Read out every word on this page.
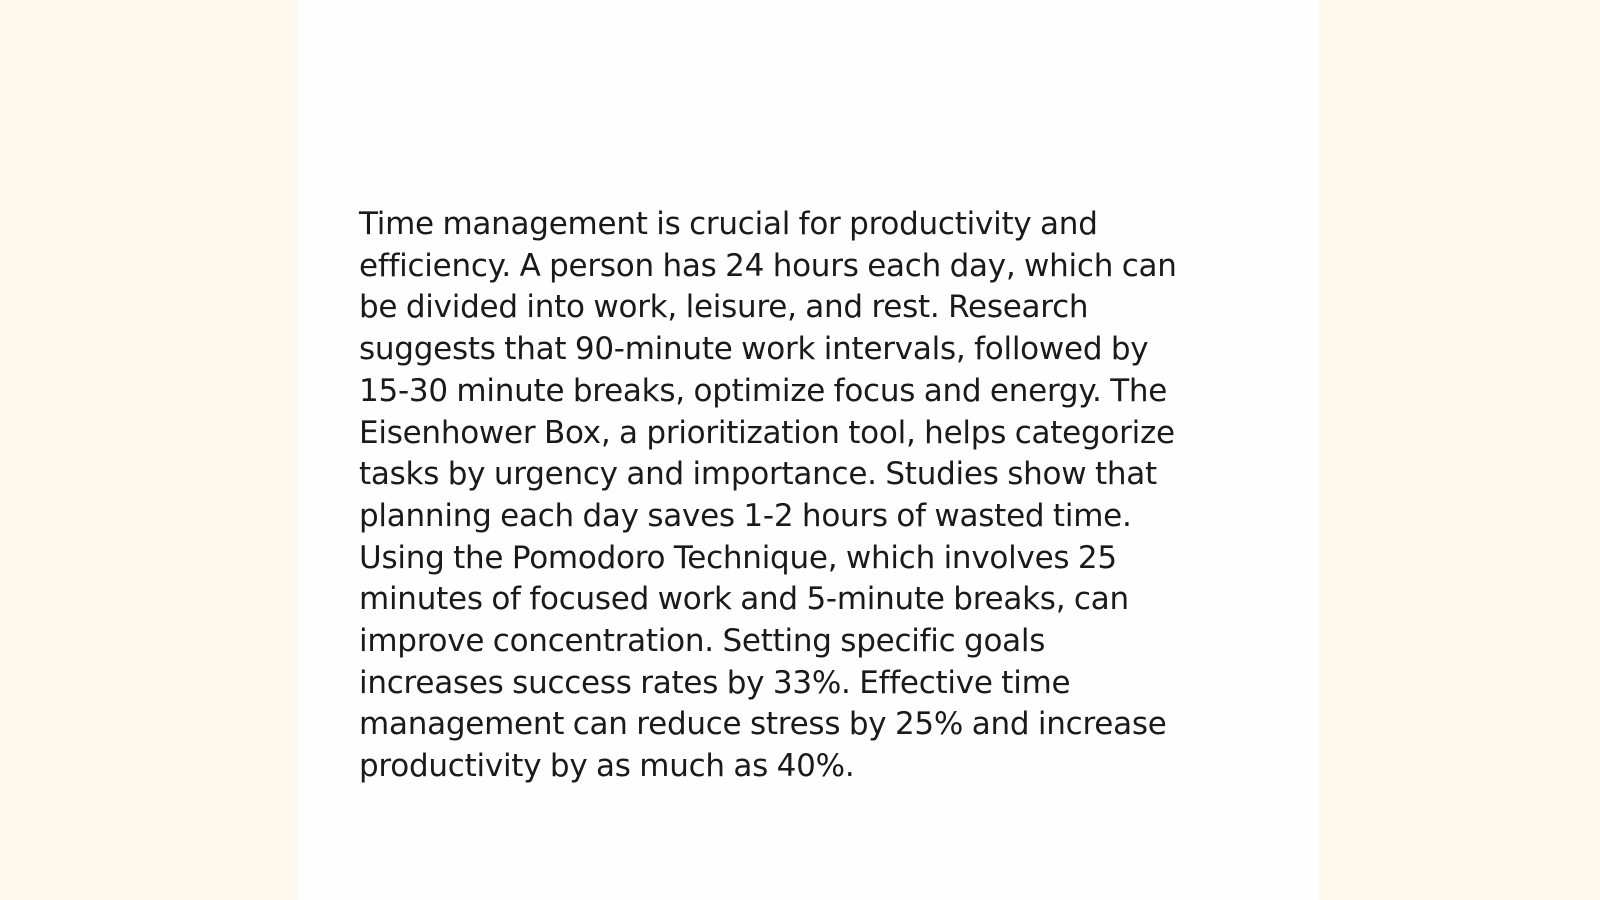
Time management is crucial for productivity and
efficiency. A person has 24 hours each day, which can
be divided into work, leisure, and rest. Research
suggests that 90-minute work intervals, followed by
15-30 minute breaks, optimize focus and energy. The
Eisenhower Box, a prioritization tool, helps categorize
tasks by urgency and importance. Studies show that
planning each day saves 1-2 hours of wasted time.
Using the Pomodoro Technique, which involves 25
minutes of focused work and 5-minute breaks, can
improve concentration. Setting specific goals
increases success rates by 33%. Effective time
management can reduce stress by 25% and increase
productivity by as much as 40%.
